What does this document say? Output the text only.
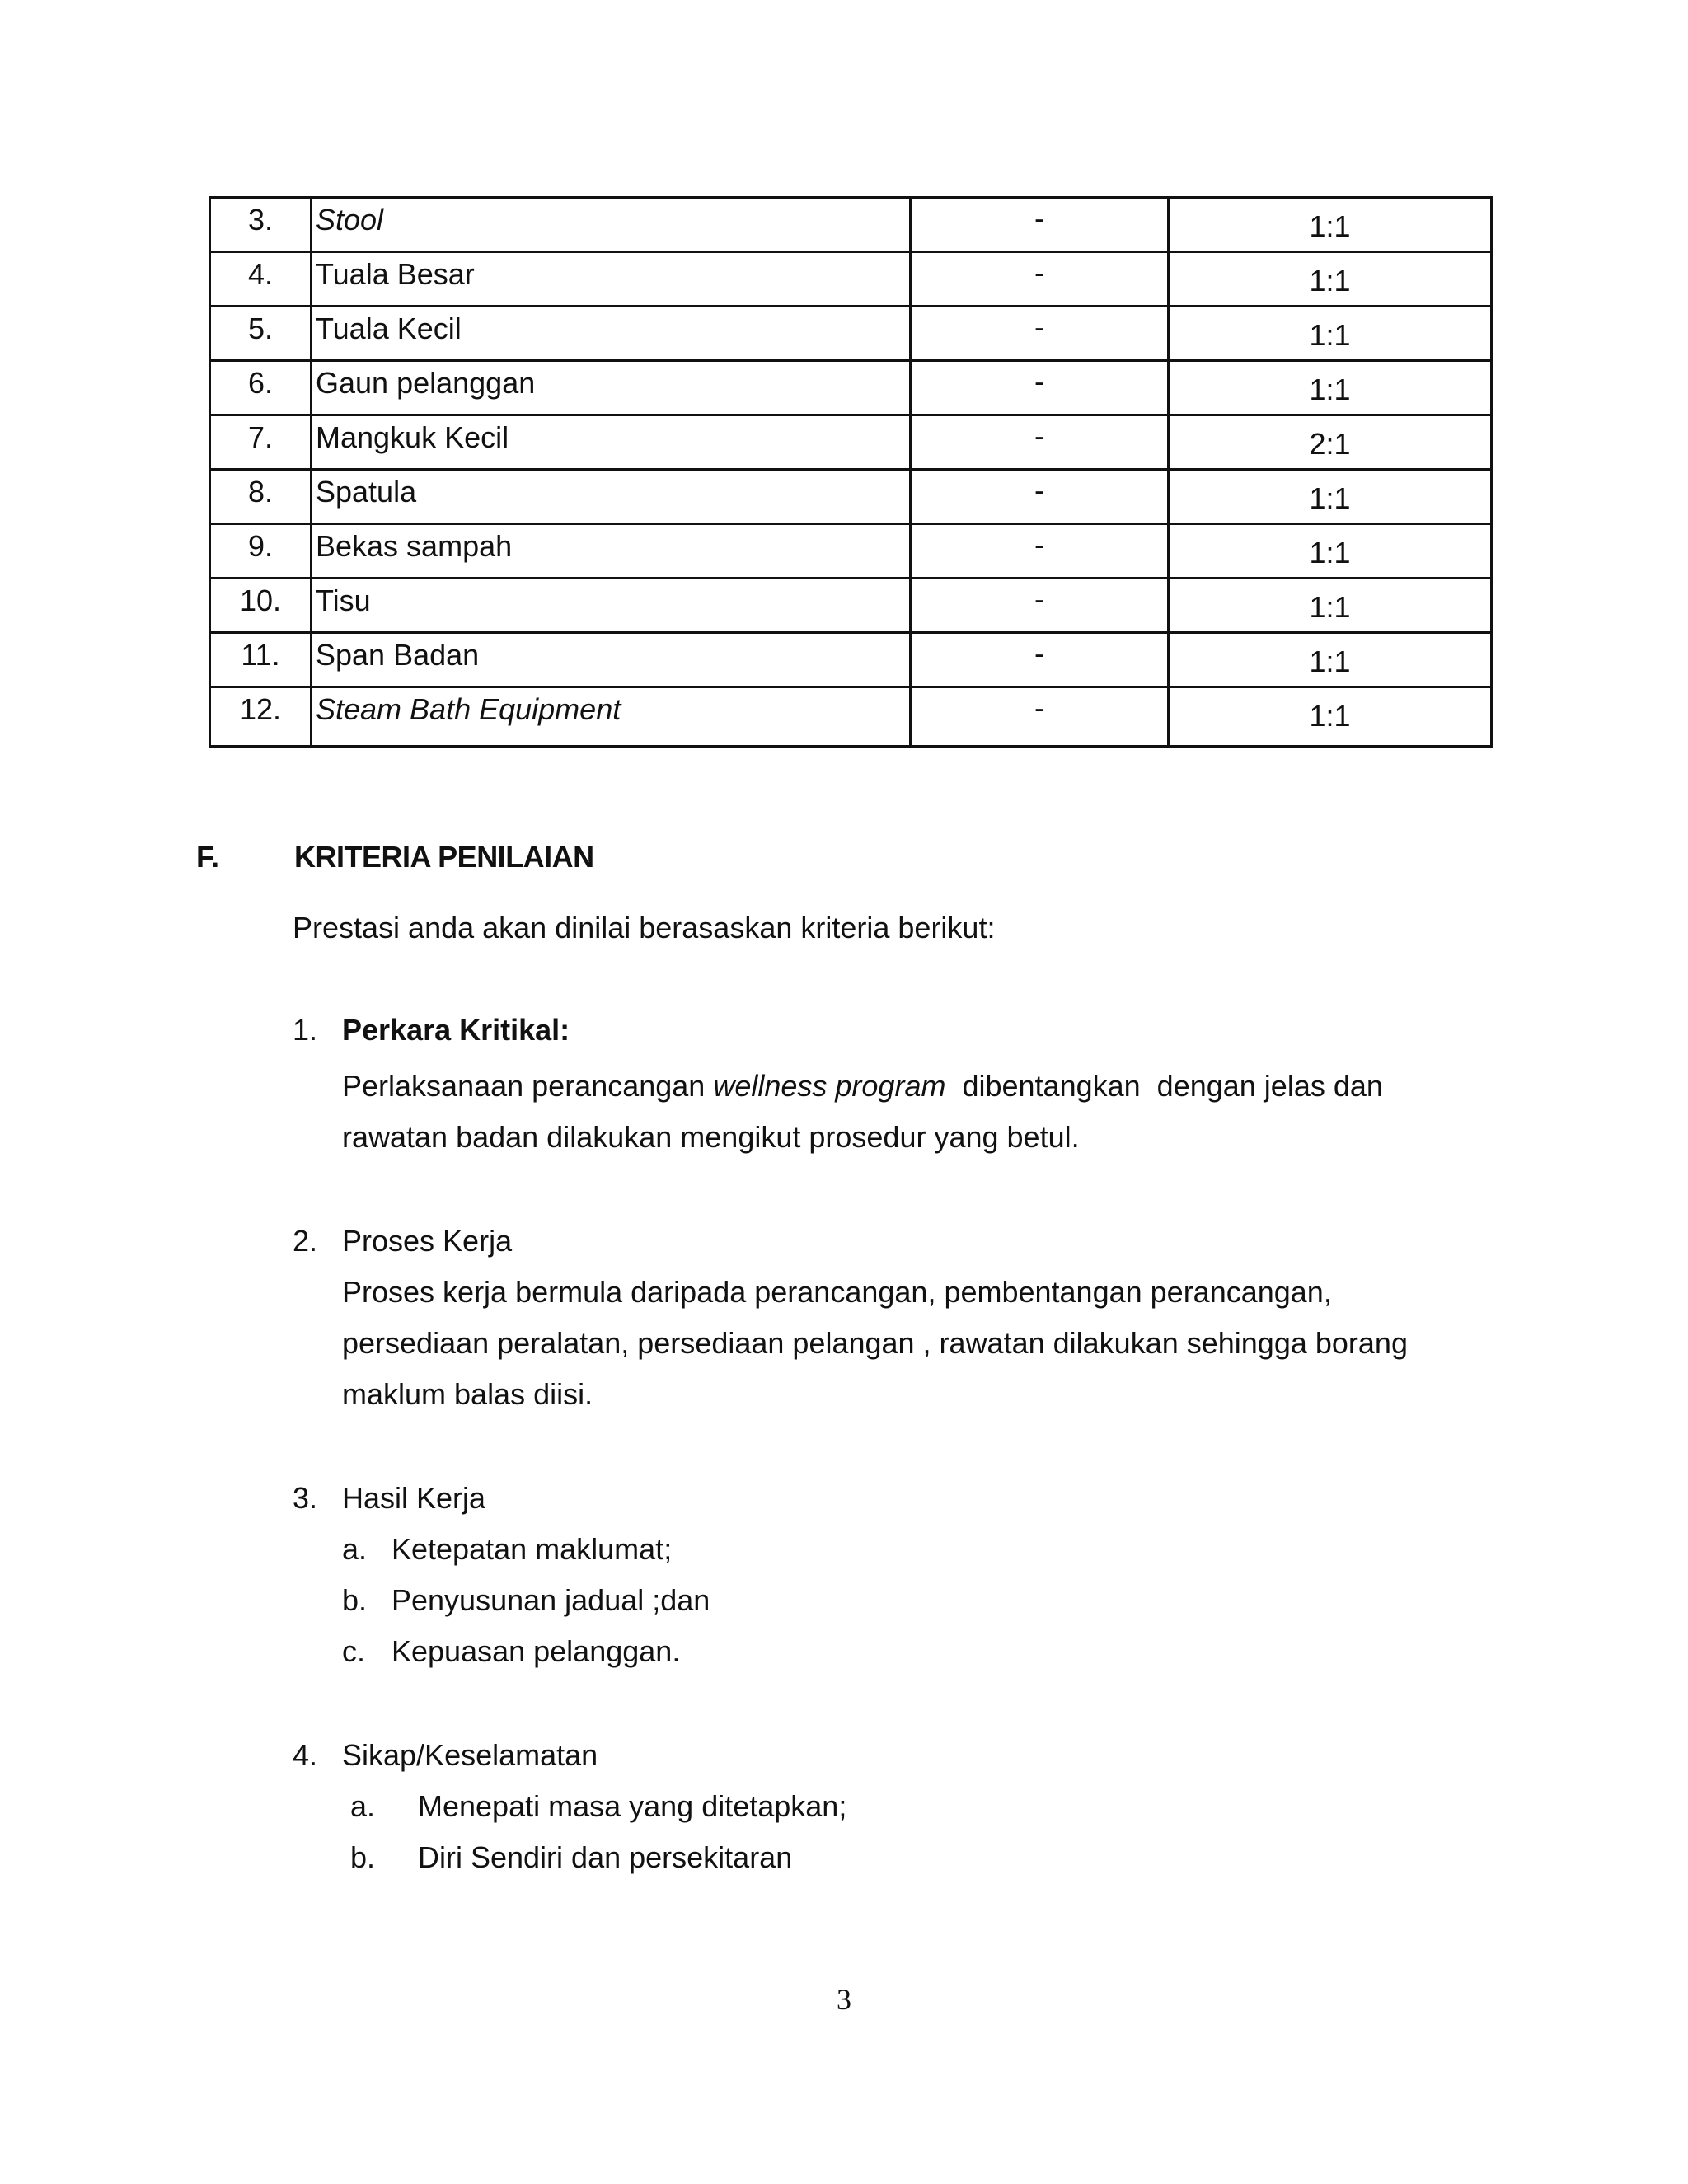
3.	Stool	-	1:1
4.	Tuala Besar	-	1:1
5.	Tuala Kecil	-	1:1
6.	Gaun pelanggan	-	1:1
7.	Mangkuk Kecil	-	2:1
8.	Spatula	-	1:1
9.	Bekas sampah	-	1:1
10.	Tisu	-	1:1
11.	Span Badan	-	1:1
12.	Steam Bath Equipment	-	1:1
F.	KRITERIA PENILAIAN
Prestasi anda akan dinilai berasaskan kriteria berikut:
1. Perkara Kritikal:
Perlaksanaan perancangan wellness program  dibentangkan  dengan jelas dan
rawatan badan dilakukan mengikut prosedur yang betul.
2. Proses Kerja
Proses kerja bermula daripada perancangan, pembentangan perancangan,
persediaan peralatan, persediaan pelangan , rawatan dilakukan sehingga borang
maklum balas diisi.
3. Hasil Kerja
a. Ketepatan maklumat;
b. Penyusunan jadual ;dan
c. Kepuasan pelanggan.
4. Sikap/Keselamatan
a. Menepati masa yang ditetapkan;
b. Diri Sendiri dan persekitaran
3
